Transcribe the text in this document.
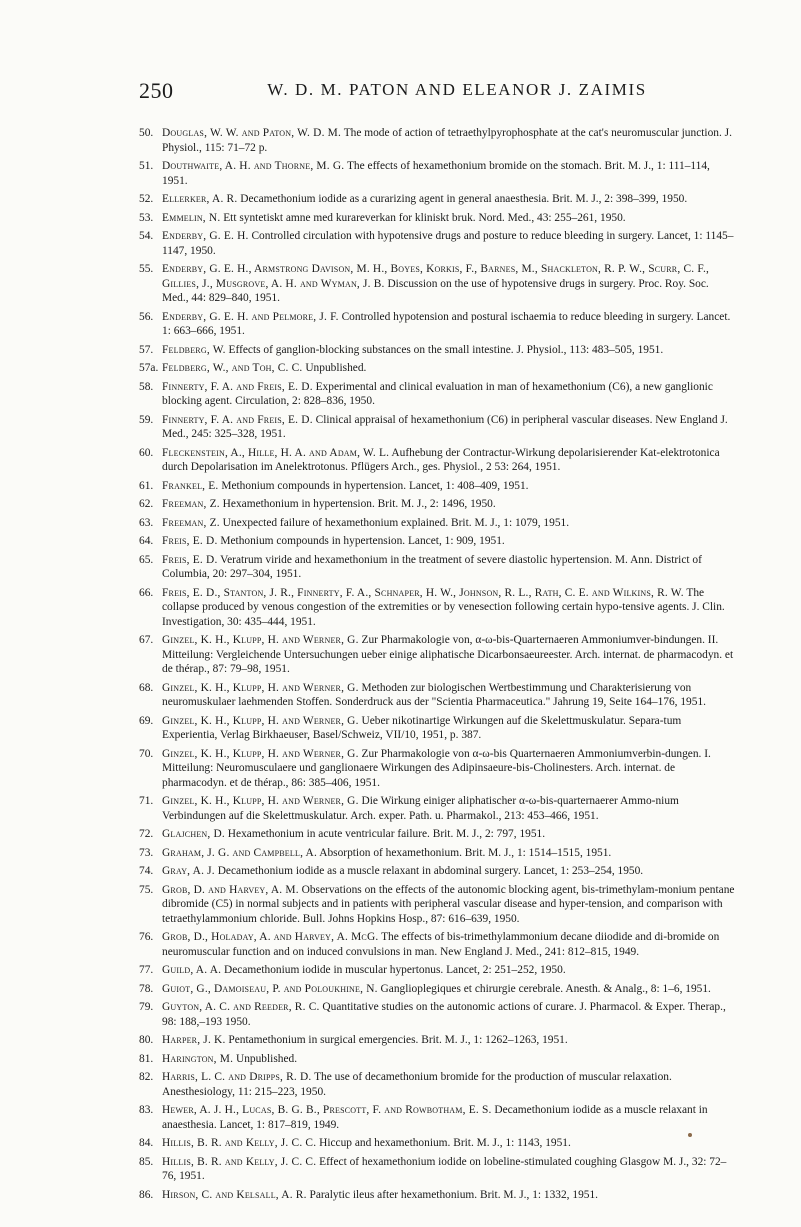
250	W. D. M. PATON AND ELEANOR J. ZAIMIS
50. Douglas, W. W. and Paton, W. D. M. The mode of action of tetraethylpyrophosphate at the cat's neuromuscular junction. J. Physiol., 115: 71–72 p.
51. Douthwaite, A. H. and Thorne, M. G. The effects of hexamethonium bromide on the stomach. Brit. M. J., 1: 111–114, 1951.
52. Ellerker, A. R. Decamethonium iodide as a curarizing agent in general anaesthesia. Brit. M. J., 2: 398–399, 1950.
53. Emmelin, N. Ett syntetiskt amne med kurareverkan for kliniskt bruk. Nord. Med., 43: 255–261, 1950.
54. Enderby, G. E. H. Controlled circulation with hypotensive drugs and posture to reduce bleeding in surgery. Lancet, 1: 1145–1147, 1950.
55. Enderby, G. E. H., Armstrong Davison, M. H., Boyes, Korkis, F., Barnes, M., Shackleton, R. P. W., Scurr, C. F., Gillies, J., Musgrove, A. H. and Wyman, J. B. Discussion on the use of hypotensive drugs in surgery. Proc. Roy. Soc. Med., 44: 829–840, 1951.
56. Enderby, G. E. H. and Pelmore, J. F. Controlled hypotension and postural ischaemia to reduce bleeding in surgery. Lancet. 1: 663–666, 1951.
57. Feldberg, W. Effects of ganglion-blocking substances on the small intestine. J. Physiol., 113: 483–505, 1951.
57a. Feldberg, W., and Toh, C. C. Unpublished.
58. Finnerty, F. A. and Freis, E. D. Experimental and clinical evaluation in man of hexamethonium (C6), a new ganglionic blocking agent. Circulation, 2: 828–836, 1950.
59. Finnerty, F. A. and Freis, E. D. Clinical appraisal of hexamethonium (C6) in peripheral vascular diseases. New England J. Med., 245: 325–328, 1951.
60. Fleckenstein, A., Hille, H. A. and Adam, W. L. Aufhebung der Contractur-Wirkung depolarisierender Kat-elektrotonica durch Depolarisation im Anelektrotonus. Pflügers Arch., ges. Physiol., 2 53: 264, 1951.
61. Frankel, E. Methonium compounds in hypertension. Lancet, 1: 408–409, 1951.
62. Freeman, Z. Hexamethonium in hypertension. Brit. M. J., 2: 1496, 1950.
63. Freeman, Z. Unexpected failure of hexamethonium explained. Brit. M. J., 1: 1079, 1951.
64. Freis, E. D. Methonium compounds in hypertension. Lancet, 1: 909, 1951.
65. Freis, E. D. Veratrum viride and hexamethonium in the treatment of severe diastolic hypertension. M. Ann. District of Columbia, 20: 297–304, 1951.
66. Freis, E. D., Stanton, J. R., Finnerty, F. A., Schnaper, H. W., Johnson, R. L., Rath, C. E. and Wilkins, R. W. The collapse produced by venous congestion of the extremities or by venesection following certain hypo-tensive agents. J. Clin. Investigation, 30: 435–444, 1951.
67. Ginzel, K. H., Klupp, H. and Werner, G. Zur Pharmakologie von, α-ω-bis-Quarternaeren Ammoniumver-bindungen. II. Mitteilung: Vergleichende Untersuchungen ueber einige aliphatische Dicarbonsaeureester. Arch. internat. de pharmacodyn. et de thérap., 87: 79–98, 1951.
68. Ginzel, K. H., Klupp, H. and Werner, G. Methoden zur biologischen Wertbestimmung und Charakterisierung von neuromuskulaer laehmenden Stoffen. Sonderdruck aus der "Scientia Pharmaceutica." Jahrung 19, Seite 164–176, 1951.
69. Ginzel, K. H., Klupp, H. and Werner, G. Ueber nikotinartige Wirkungen auf die Skelettmuskulatur. Separa-tum Experientia, Verlag Birkhaeuser, Basel/Schweiz, VII/10, 1951, p. 387.
70. Ginzel, K. H., Klupp, H. and Werner, G. Zur Pharmakologie von α-ω-bis Quarternaeren Ammoniumverbin-dungen. I. Mitteilung: Neuromusculaere und ganglionaere Wirkungen des Adipinsaeure-bis-Cholinesters. Arch. internat. de pharmacodyn. et de thérap., 86: 385–406, 1951.
71. Ginzel, K. H., Klupp, H. and Werner, G. Die Wirkung einiger aliphatischer α-ω-bis-quarternaerer Ammo-nium Verbindungen auf die Skelettmuskulatur. Arch. exper. Path. u. Pharmakol., 213: 453–466, 1951.
72. Glajchen, D. Hexamethonium in acute ventricular failure. Brit. M. J., 2: 797, 1951.
73. Graham, J. G. and Campbell, A. Absorption of hexamethonium. Brit. M. J., 1: 1514–1515, 1951.
74. Gray, A. J. Decamethonium iodide as a muscle relaxant in abdominal surgery. Lancet, 1: 253–254, 1950.
75. Grob, D. and Harvey, A. M. Observations on the effects of the autonomic blocking agent, bis-trimethylam-monium pentane dibromide (C5) in normal subjects and in patients with peripheral vascular disease and hyper-tension, and comparison with tetraethylammonium chloride. Bull. Johns Hopkins Hosp., 87: 616–639, 1950.
76. Grob, D., Holaday, A. and Harvey, A. McG. The effects of bis-trimethylammonium decane diiodide and di-bromide on neuromuscular function and on induced convulsions in man. New England J. Med., 241: 812–815, 1949.
77. Guild, A. A. Decamethonium iodide in muscular hypertonus. Lancet, 2: 251–252, 1950.
78. Guiot, G., Damoiseau, P. and Poloukhine, N. Ganglioplegiques et chirurgie cerebrale. Anesth. & Analg., 8: 1–6, 1951.
79. Guyton, A. C. and Reeder, R. C. Quantitative studies on the autonomic actions of curare. J. Pharmacol. & Exper. Therap., 98: 188,–193 1950.
80. Harper, J. K. Pentamethonium in surgical emergencies. Brit. M. J., 1: 1262–1263, 1951.
81. Harington, M. Unpublished.
82. Harris, L. C. and Dripps, R. D. The use of decamethonium bromide for the production of muscular relaxation. Anesthesiology, 11: 215–223, 1950.
83. Hewer, A. J. H., Lucas, B. G. B., Prescott, F. and Rowbotham, E. S. Decamethonium iodide as a muscle relaxant in anaesthesia. Lancet, 1: 817–819, 1949.
84. Hillis, B. R. and Kelly, J. C. C. Hiccup and hexamethonium. Brit. M. J., 1: 1143, 1951.
85. Hillis, B. R. and Kelly, J. C. C. Effect of hexamethonium iodide on lobeline-stimulated coughing Glasgow M. J., 32: 72–76, 1951.
86. Hirson, C. and Kelsall, A. R. Paralytic ileus after hexamethonium. Brit. M. J., 1: 1332, 1951.
